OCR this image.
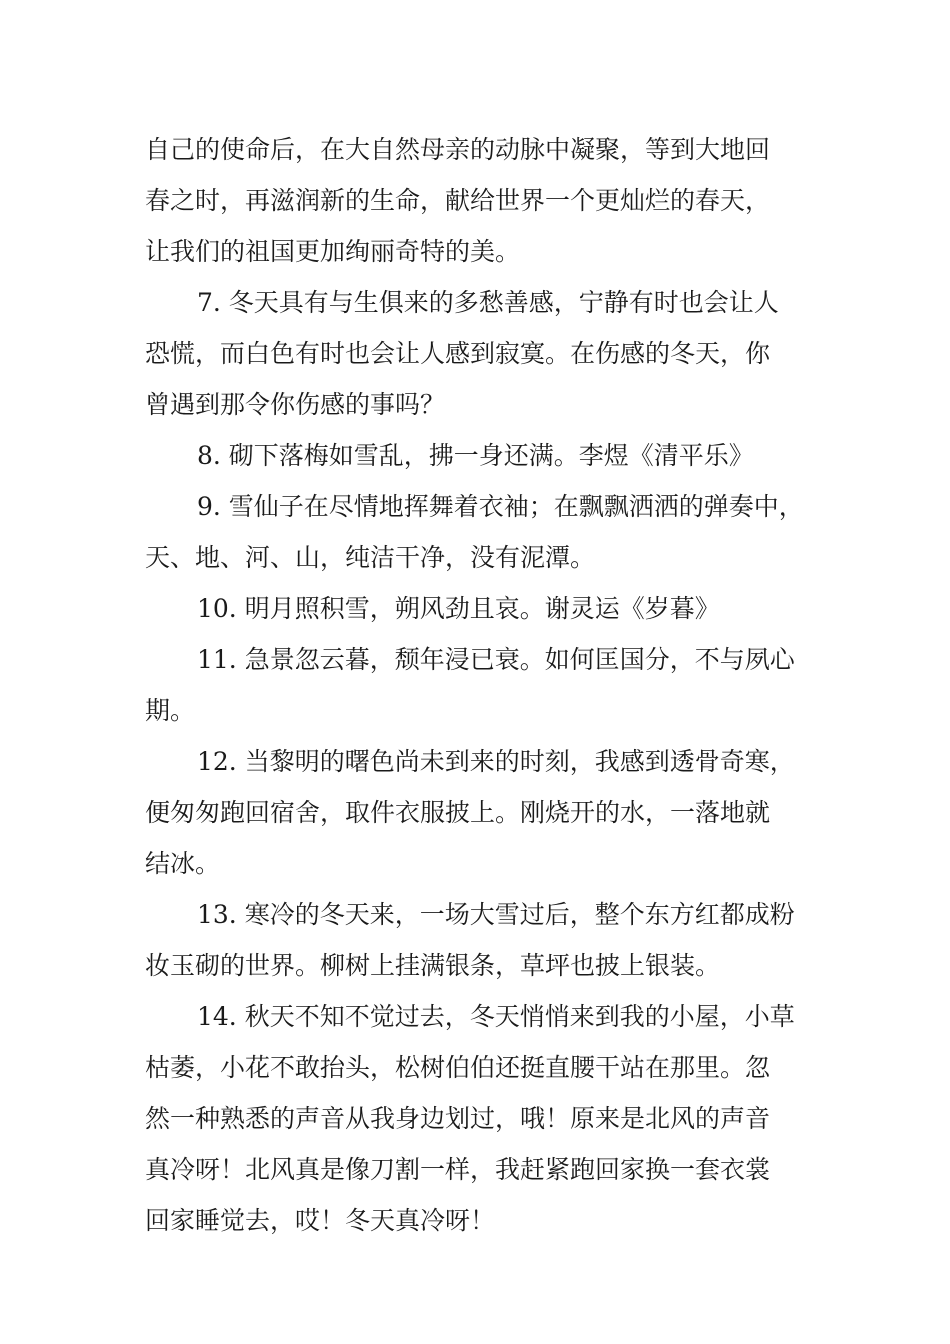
自己的使命后，在大自然母亲的动脉中凝聚，等到大地回
春之时，再滋润新的生命，献给世界一个更灿烂的春天，
让我们的祖国更加绚丽奇特的美。
7. 冬天具有与生俱来的多愁善感，宁静有时也会让人
恐慌，而白色有时也会让人感到寂寞。在伤感的冬天，你
曾遇到那令你伤感的事吗？
8. 砌下落梅如雪乱，拂一身还满。李煜《清平乐》
9. 雪仙子在尽情地挥舞着衣袖；在飘飘洒洒的弹奏中，
天、地、河、山，纯洁干净，没有泥潭。
10. 明月照积雪，朔风劲且哀。谢灵运《岁暮》
11. 急景忽云暮，颓年浸已衰。如何匡国分，不与夙心
期。
12. 当黎明的曙色尚未到来的时刻，我感到透骨奇寒，
便匆匆跑回宿舍，取件衣服披上。刚烧开的水，一落地就
结冰。
13. 寒冷的冬天来，一场大雪过后，整个东方红都成粉
妆玉砌的世界。柳树上挂满银条，草坪也披上银装。
14. 秋天不知不觉过去，冬天悄悄来到我的小屋，小草
枯萎，小花不敢抬头，松树伯伯还挺直腰干站在那里。忽
然一种熟悉的声音从我身边划过，哦！原来是北风的声音
真冷呀！北风真是像刀割一样，我赶紧跑回家换一套衣裳
回家睡觉去，哎！冬天真冷呀！
